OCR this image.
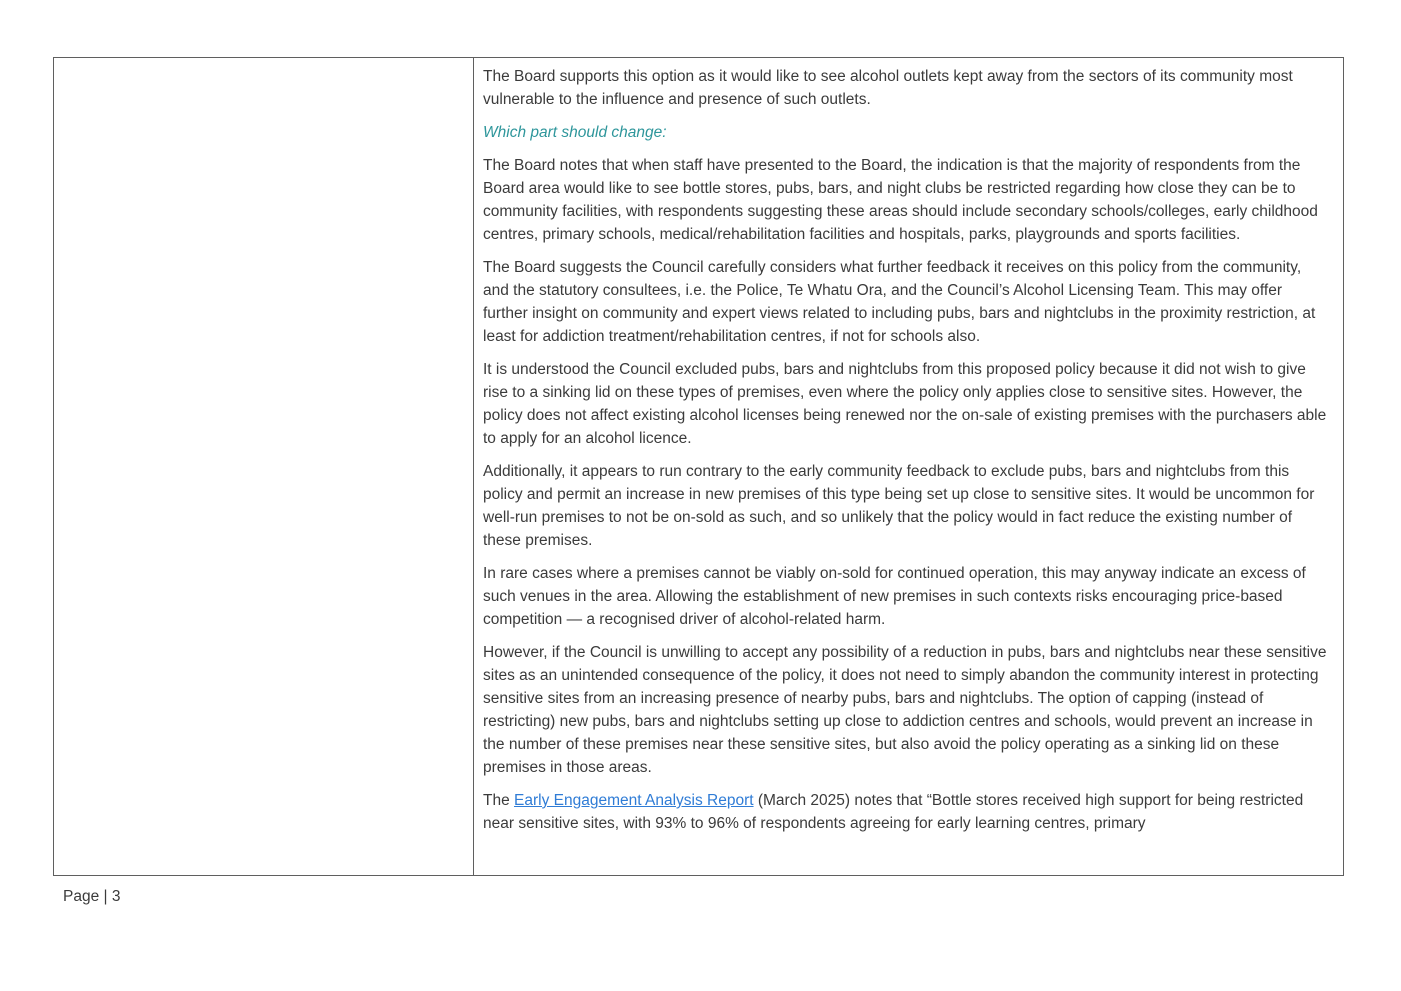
The Board supports this option as it would like to see alcohol outlets kept away from the sectors of its community most vulnerable to the influence and presence of such outlets.

Which part should change:

The Board notes that when staff have presented to the Board, the indication is that the majority of respondents from the Board area would like to see bottle stores, pubs, bars, and night clubs be restricted regarding how close they can be to community facilities, with respondents suggesting these areas should include secondary schools/colleges, early childhood centres, primary schools, medical/rehabilitation facilities and hospitals, parks, playgrounds and sports facilities.

The Board suggests the Council carefully considers what further feedback it receives on this policy from the community, and the statutory consultees, i.e. the Police, Te Whatu Ora, and the Council’s Alcohol Licensing Team. This may offer further insight on community and expert views related to including pubs, bars and nightclubs in the proximity restriction, at least for addiction treatment/rehabilitation centres, if not for schools also.

It is understood the Council excluded pubs, bars and nightclubs from this proposed policy because it did not wish to give rise to a sinking lid on these types of premises, even where the policy only applies close to sensitive sites. However, the policy does not affect existing alcohol licenses being renewed nor the on-sale of existing premises with the purchasers able to apply for an alcohol licence.

Additionally, it appears to run contrary to the early community feedback to exclude pubs, bars and nightclubs from this policy and permit an increase in new premises of this type being set up close to sensitive sites. It would be uncommon for well-run premises to not be on-sold as such, and so unlikely that the policy would in fact reduce the existing number of these premises.

In rare cases where a premises cannot be viably on-sold for continued operation, this may anyway indicate an excess of such venues in the area. Allowing the establishment of new premises in such contexts risks encouraging price-based competition — a recognised driver of alcohol-related harm.

However, if the Council is unwilling to accept any possibility of a reduction in pubs, bars and nightclubs near these sensitive sites as an unintended consequence of the policy, it does not need to simply abandon the community interest in protecting sensitive sites from an increasing presence of nearby pubs, bars and nightclubs. The option of capping (instead of restricting) new pubs, bars and nightclubs setting up close to addiction centres and schools, would prevent an increase in the number of these premises near these sensitive sites, but also avoid the policy operating as a sinking lid on these premises in those areas.

The Early Engagement Analysis Report (March 2025) notes that “Bottle stores received high support for being restricted near sensitive sites, with 93% to 96% of respondents agreeing for early learning centres, primary

Page | 3
